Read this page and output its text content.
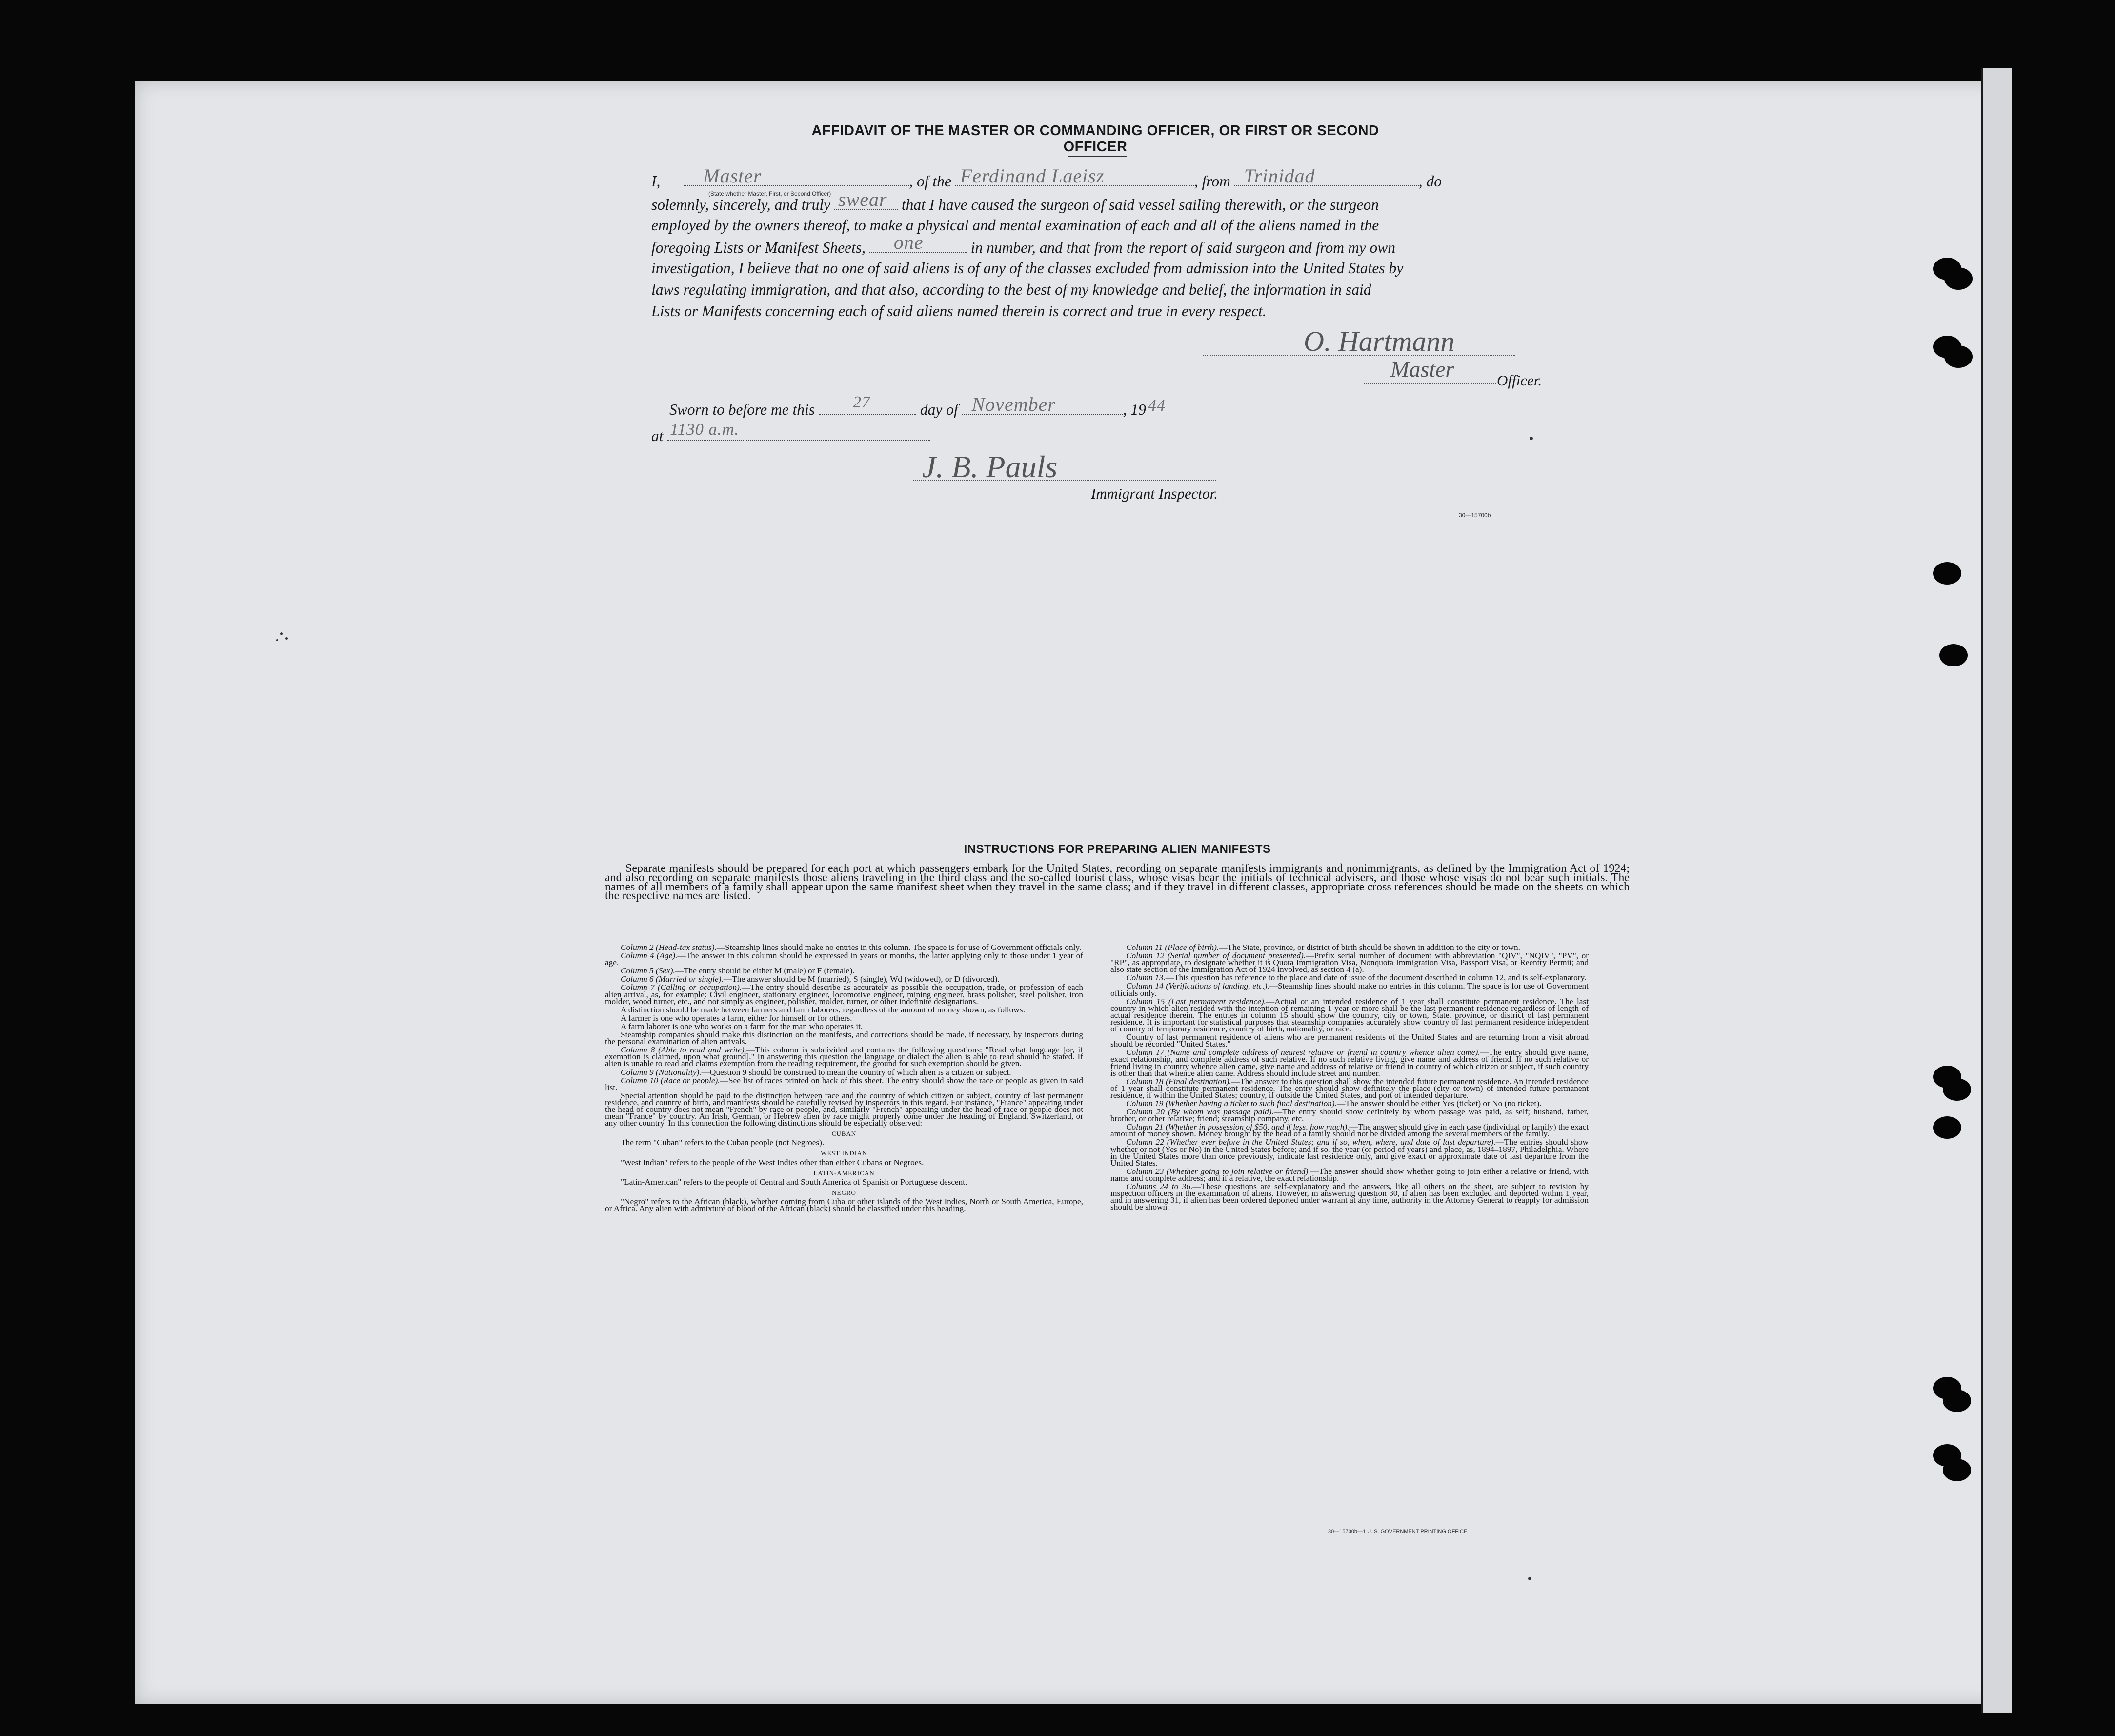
AFFIDAVIT OF THE MASTER OR COMMANDING OFFICER, OR FIRST OR SECOND OFFICER
I, Master	, of the Ferdinand Laeisz	, from Trinidad	, do
(State whether Master, First, or Second Officer)
solemnly, sincerely, and truly swear that I have caused the surgeon of said vessel sailing therewith, or the surgeon
employed by the owners thereof, to make a physical and mental examination of each and all of the aliens named in the
foregoing Lists or Manifest Sheets, one	in number, and that from the report of said surgeon and from my own
investigation, I believe that no one of said aliens is of any of the classes excluded from admission into the United States by
laws regulating immigration, and that also, according to the best of my knowledge and belief, the information in said
Lists or Manifests concerning each of said aliens named therein is correct and true in every respect.
O. Hartmann
Master	Officer.
Sworn to before me this 27	day of November	, 19 44
at 1130 a.m.
J. B. Pauls
Immigrant Inspector.
30—15700b
INSTRUCTIONS FOR PREPARING ALIEN MANIFESTS
Separate manifests should be prepared for each port at which passengers embark for the United States, recording on separate manifests immigrants and nonimmigrants, as defined by the Immigration Act of 1924; and also recording on separate manifests those aliens traveling in the third class and the so-called tourist class, whose visas bear the initials of technical advisers, and those whose visas do not bear such initials. The names of all members of a family shall appear upon the same manifest sheet when they travel in the same class; and if they travel in different classes, appropriate cross references should be made on the sheets on which the respective names are listed.

Column 2 (Head-tax status).—Steamship lines should make no entries in this column. The space is for use of Government officials only.

Column 4 (Age).—The answer in this column should be expressed in years or months, the latter applying only to those under 1 year of age.

Column 5 (Sex).—The entry should be either M (male) or F (female).

Column 6 (Married or single).—The answer should be M (married), S (single), Wd (widowed), or D (divorced).

Column 7 (Calling or occupation).—The entry should describe as accurately as possible the occupation, trade, or profession of each alien arrival, as, for example: Civil engineer, stationary engineer, locomotive engineer, mining engineer, brass polisher, steel polisher, iron molder, wood turner, etc., and not simply as engineer, polisher, molder, turner, or other indefinite designations.

A distinction should be made between farmers and farm laborers, regardless of the amount of money shown, as follows:

A farmer is one who operates a farm, either for himself or for others.

A farm laborer is one who works on a farm for the man who operates it.

Steamship companies should make this distinction on the manifests, and corrections should be made, if necessary, by inspectors during the personal examination of alien arrivals.

Column 8 (Able to read and write).—This column is subdivided and contains the following questions: "Read what language [or, if exemption is claimed, upon what ground]." In answering this question the language or dialect the alien is able to read should be stated. If alien is unable to read and claims exemption from the reading requirement, the ground for such exemption should be given.

Column 9 (Nationality).—Question 9 should be construed to mean the country of which alien is a citizen or subject.

Column 10 (Race or people).—See list of races printed on back of this sheet. The entry should show the race or people as given in said list.

Special attention should be paid to the distinction between race and the country of which citizen or subject, country of last permanent residence, and country of birth, and manifests should be carefully revised by inspectors in this regard. For instance, "France" appearing under the head of country does not mean "French" by race or people, and, similarly "French" appearing under the head of race or people does not mean "France" by country. An Irish, German, or Hebrew alien by race might properly come under the heading of England, Switzerland, or any other country. In this connection the following distinctions should be especially observed:

CUBAN

The term "Cuban" refers to the Cuban people (not Negroes).

WEST INDIAN

"West Indian" refers to the people of the West Indies other than either Cubans or Negroes.

LATIN-AMERICAN

"Latin-American" refers to the people of Central and South America of Spanish or Portuguese descent.

NEGRO

"Negro" refers to the African (black), whether coming from Cuba or other islands of the West Indies, North or South America, Europe, or Africa. Any alien with admixture of blood of the African (black) should be classified under this heading.

Column 11 (Place of birth).—The State, province, or district of birth should be shown in addition to the city or town.

Column 12 (Serial number of document presented).—Prefix serial number of document with abbreviation "QIV", "NQIV", "PV", or "RP", as appropriate, to designate whether it is Quota Immigration Visa, Nonquota Immigration Visa, Passport Visa, or Reentry Permit; and also state section of the Immigration Act of 1924 involved, as section 4 (a).

Column 13.—This question has reference to the place and date of issue of the document described in column 12, and is self-explanatory.

Column 14 (Verifications of landing, etc.).—Steamship lines should make no entries in this column. The space is for use of Government officials only.

Column 15 (Last permanent residence).—Actual or an intended residence of 1 year shall constitute permanent residence. The last country in which alien resided with the intention of remaining 1 year or more shall be the last permanent residence regardless of length of actual residence therein. The entries in column 15 should show the country, city or town, State, province, or district of last permanent residence. It is important for statistical purposes that steamship companies accurately show country of last permanent residence independent of country of temporary residence, country of birth, nationality, or race.

Country of last permanent residence of aliens who are permanent residents of the United States and are returning from a visit abroad should be recorded "United States."

Column 17 (Name and complete address of nearest relative or friend in country whence alien came).—The entry should give name, exact relationship, and complete address of such relative. If no such relative living, give name and address of friend. If no such relative or friend living in country whence alien came, give name and address of relative or friend in country of which citizen or subject, if such country is other than that whence alien came. Address should include street and number.

Column 18 (Final destination).—The answer to this question shall show the intended future permanent residence. An intended residence of 1 year shall constitute permanent residence. The entry should show definitely the place (city or town) of intended future permanent residence, if within the United States; country, if outside the United States, and port of intended departure.

Column 19 (Whether having a ticket to such final destination).—The answer should be either Yes (ticket) or No (no ticket).

Column 20 (By whom was passage paid).—The entry should show definitely by whom passage was paid, as self; husband, father, brother, or other relative; friend; steamship company, etc.

Column 21 (Whether in possession of $50, and if less, how much).—The answer should give in each case (individual or family) the exact amount of money shown. Money brought by the head of a family should not be divided among the several members of the family.

Column 22 (Whether ever before in the United States; and if so, when, where, and date of last departure).—The entries should show whether or not (Yes or No) in the United States before; and if so, the year (or period of years) and place, as, 1894–1897, Philadelphia. Where in the United States more than once previously, indicate last residence only, and give exact or approximate date of last departure from the United States.

Column 23 (Whether going to join relative or friend).—The answer should show whether going to join either a relative or friend, with name and complete address; and if a relative, the exact relationship.

Columns 24 to 36.—These questions are self-explanatory and the answers, like all others on the sheet, are subject to revision by inspection officers in the examination of aliens. However, in answering question 30, if alien has been excluded and deported within 1 year, and in answering 31, if alien has been ordered deported under warrant at any time, authority in the Attorney General to reapply for admission should be shown.

30—15700b—1 U. S. GOVERNMENT PRINTING OFFICE
